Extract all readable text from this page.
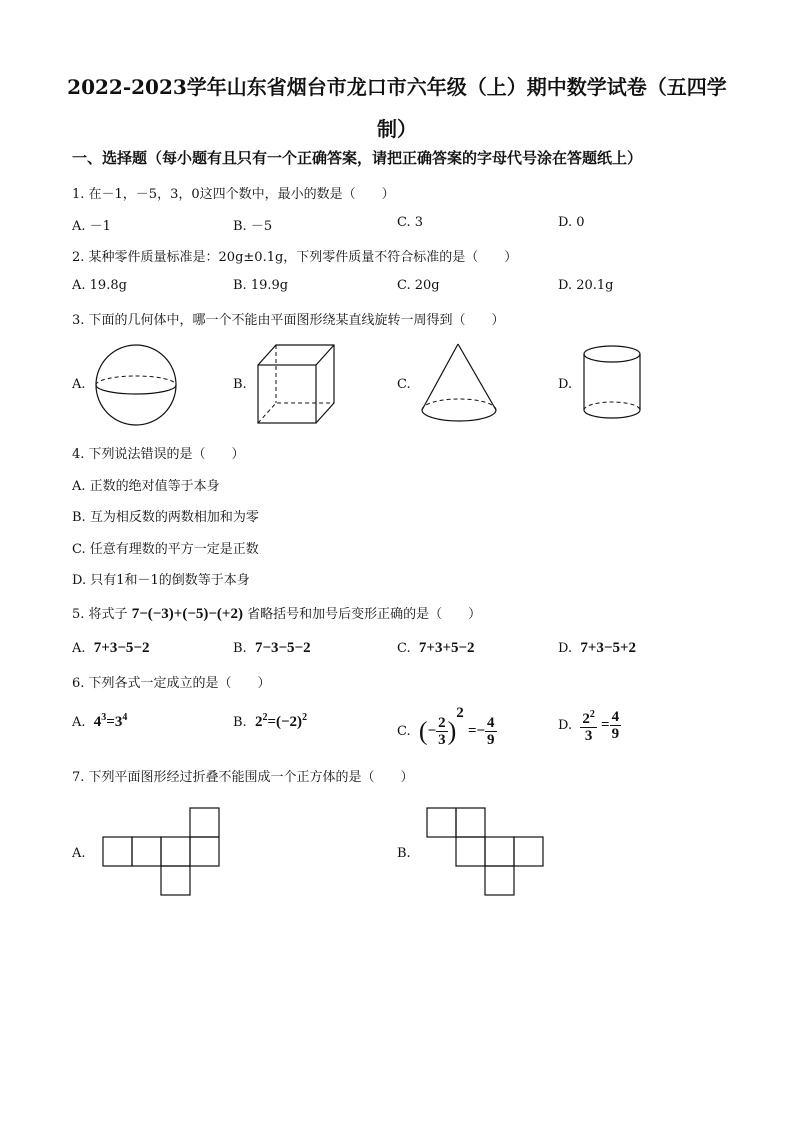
2022-2023学年山东省烟台市龙口市六年级（上）期中数学试卷（五四学制）
一、选择题（每小题有且只有一个正确答案，请把正确答案的字母代号涂在答题纸上）
1. 在－1，－5，3，0这四个数中，最小的数是（　　）
A. －1	B. －5	C. 3	D. 0
2. 某种零件质量标准是：20g±0.1g，下列零件质量不符合标准的是（　　）
A. 19.8g	B. 19.9g	C. 20g	D. 20.1g
3. 下面的几何体中，哪一个不能由平面图形绕某直线旋转一周得到（　　）
A.	B.	C.	D.
4. 下列说法错误的是（　　）
A. 正数的绝对值等于本身
B. 互为相反数的两数相加和为零
C. 任意有理数的平方一定是正数
D. 只有1和－1的倒数等于本身
5. 将式子 7−(−3)+(−5)−(+2) 省略括号和加号后变形正确的是（　　）
A. 7+3−5−2	B. 7−3−5−2	C. 7+3+5−2	D. 7+3−5+2
6. 下列各式一定成立的是（　　）
A. $4^3=3^4$	B. $2^2=(-2)^2$
C. (− $\frac{2}{3} )^2 =- \frac{4}{9}$	D. $\frac{2^2}{3} = \frac{4}{9}$
7. 下列平面图形经过折叠不能围成一个正方体的是（　　）
A.	B.
